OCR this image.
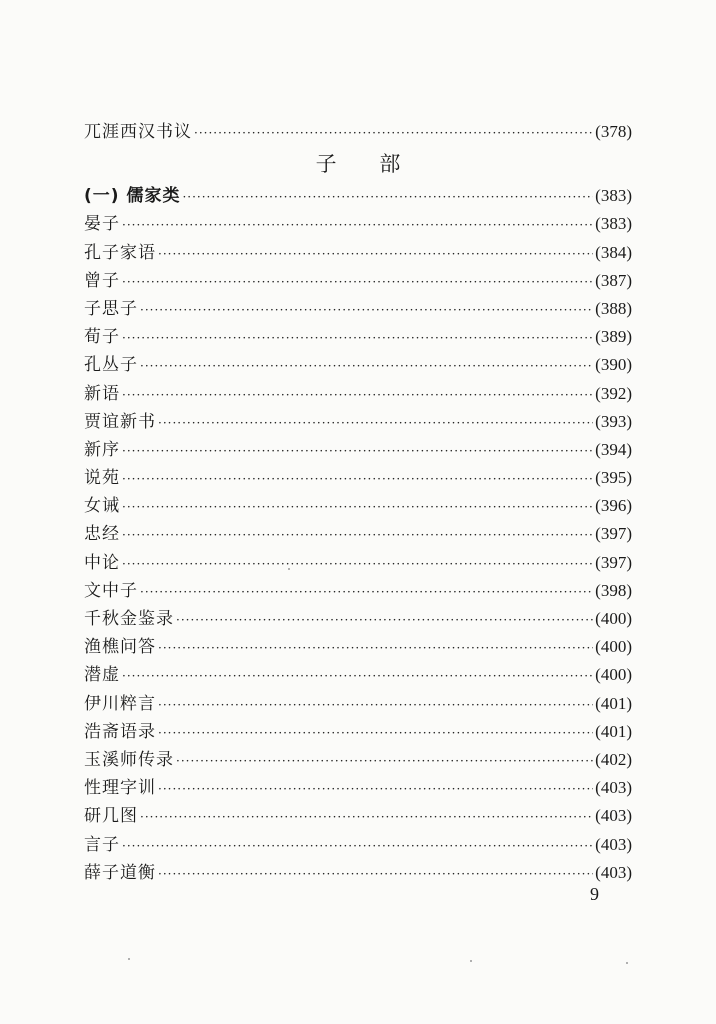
兀涯西汉书议 ·····	(378)
子 部
(一) 儒家类 ·····	(383)
晏子 ·····	(383)
孔子家语 ·····	(384)
曾子 ·····	(387)
子思子 ·····	(388)
荀子 ·····	(389)
孔丛子 ·····	(390)
新语 ·····	(392)
贾谊新书 ·····	(393)
新序 ·····	(394)
说苑 ·····	(395)
女诫 ·····	(396)
忠经 ·····	(397)
中论 ·····	(397)
文中子 ·····	(398)
千秋金鉴录 ·····	(400)
渔樵问答 ·····	(400)
潜虚 ·····	(400)
伊川粹言 ·····	(401)
浩斋语录 ·····	(401)
玉溪师传录 ·····	(402)
性理字训 ·····	(403)
研几图 ·····	(403)
言子 ·····	(403)
薛子道衡 ·····	(403)
9
